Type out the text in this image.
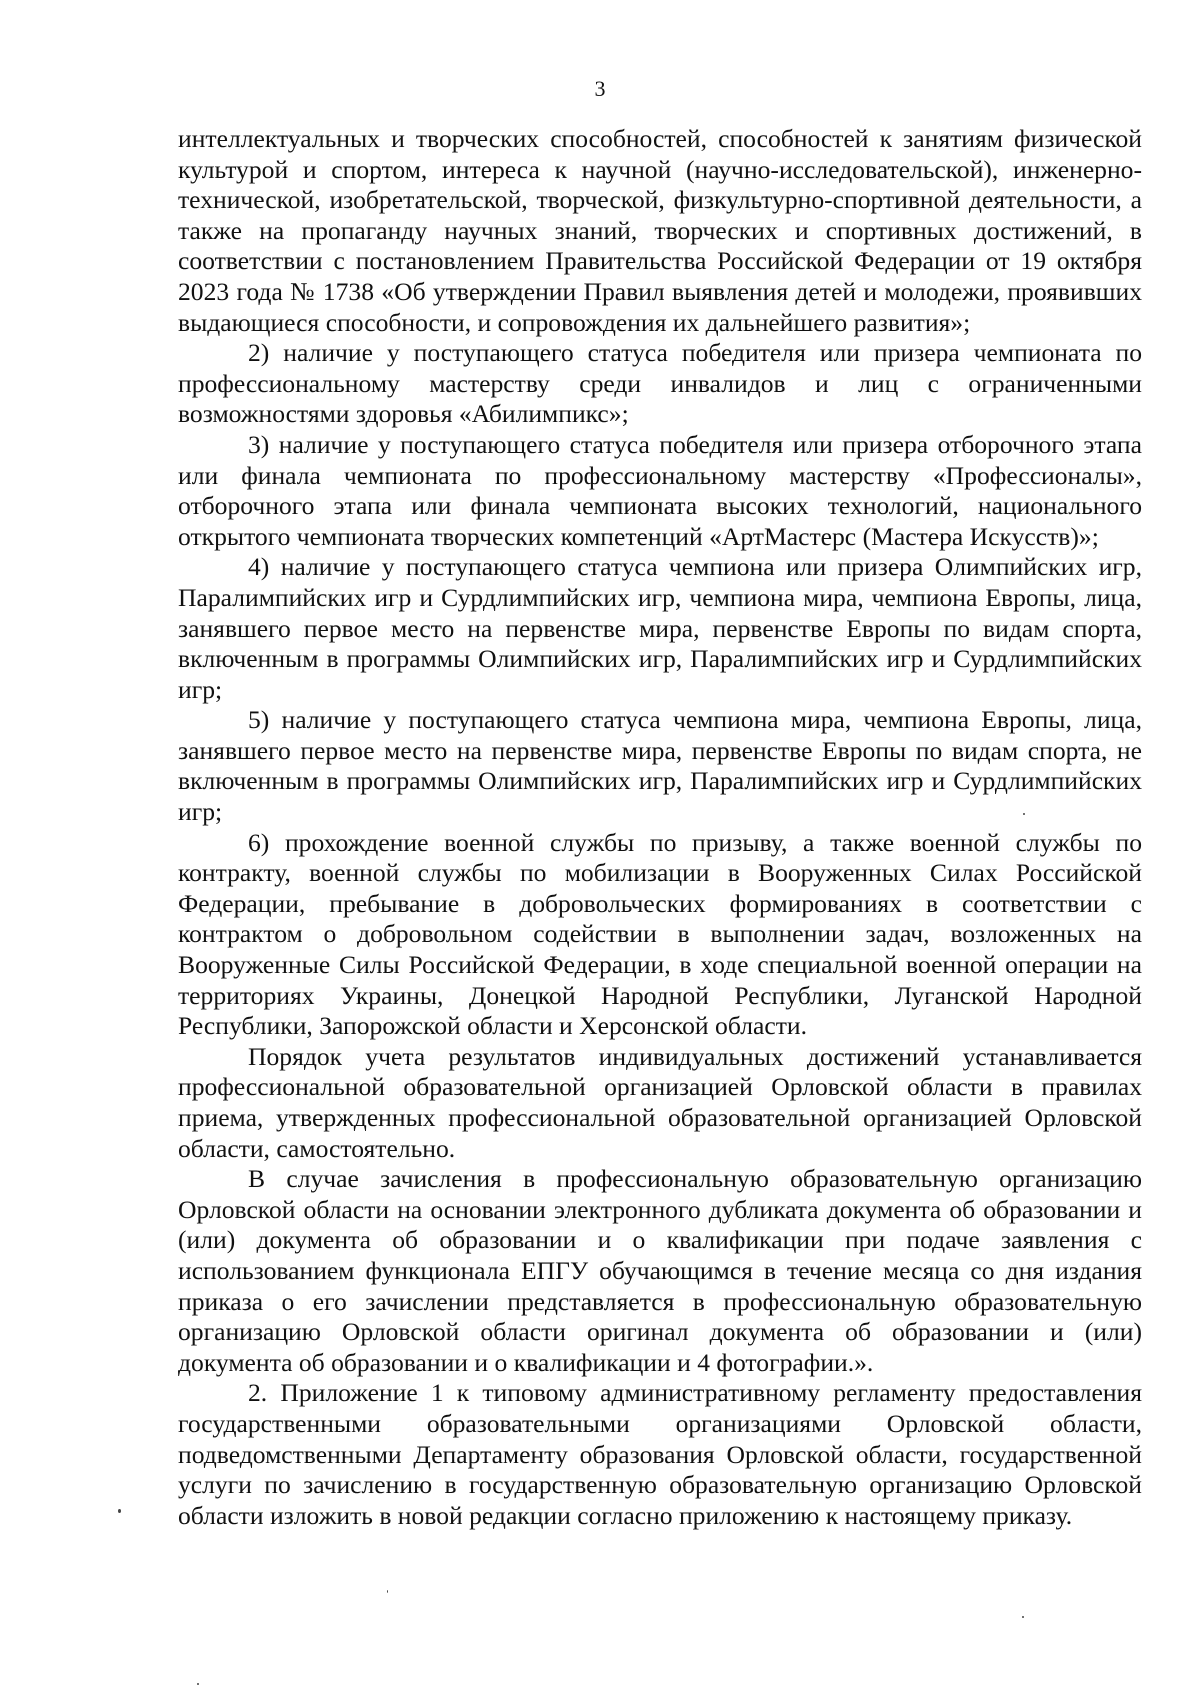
3

интеллектуальных и творческих способностей, способностей к занятиям физической культурой и спортом, интереса к научной (научно-исследовательской), инженерно-технической, изобретательской, творческой, физкультурно-спортивной деятельности, а также на пропаганду научных знаний, творческих и спортивных достижений, в соответствии с постановлением Правительства Российской Федерации от 19 октября 2023 года № 1738 «Об утверждении Правил выявления детей и молодежи, проявивших выдающиеся способности, и сопровождения их дальнейшего развития»;

2) наличие у поступающего статуса победителя или призера чемпионата по профессиональному мастерству среди инвалидов и лиц с ограниченными возможностями здоровья «Абилимпикс»;

3) наличие у поступающего статуса победителя или призера отборочного этапа или финала чемпионата по профессиональному мастерству «Профессионалы», отборочного этапа или финала чемпионата высоких технологий, национального открытого чемпионата творческих компетенций «АртМастерс (Мастера Искусств)»;

4) наличие у поступающего статуса чемпиона или призера Олимпийских игр, Паралимпийских игр и Сурдлимпийских игр, чемпиона мира, чемпиона Европы, лица, занявшего первое место на первенстве мира, первенстве Европы по видам спорта, включенным в программы Олимпийских игр, Паралимпийских игр и Сурдлимпийских игр;

5) наличие у поступающего статуса чемпиона мира, чемпиона Европы, лица, занявшего первое место на первенстве мира, первенстве Европы по видам спорта, не включенным в программы Олимпийских игр, Паралимпийских игр и Сурдлимпийских игр;

6) прохождение военной службы по призыву, а также военной службы по контракту, военной службы по мобилизации в Вооруженных Силах Российской Федерации, пребывание в добровольческих формированиях в соответствии с контрактом о добровольном содействии в выполнении задач, возложенных на Вооруженные Силы Российской Федерации, в ходе специальной военной операции на территориях Украины, Донецкой Народной Республики, Луганской Народной Республики, Запорожской области и Херсонской области.

Порядок учета результатов индивидуальных достижений устанавливается профессиональной образовательной организацией Орловской области в правилах приема, утвержденных профессиональной образовательной организацией Орловской области, самостоятельно.

В случае зачисления в профессиональную образовательную организацию Орловской области на основании электронного дубликата документа об образовании и (или) документа об образовании и о квалификации при подаче заявления с использованием функционала ЕПГУ обучающимся в течение месяца со дня издания приказа о его зачислении представляется в профессиональную образовательную организацию Орловской области оригинал документа об образовании и (или) документа об образовании и о квалификации и 4 фотографии.».

2. Приложение 1 к типовому административному регламенту предоставления государственными образовательными организациями Орловской области, подведомственными Департаменту образования Орловской области, государственной услуги по зачислению в государственную образовательную организацию Орловской области изложить в новой редакции согласно приложению к настоящему приказу.
